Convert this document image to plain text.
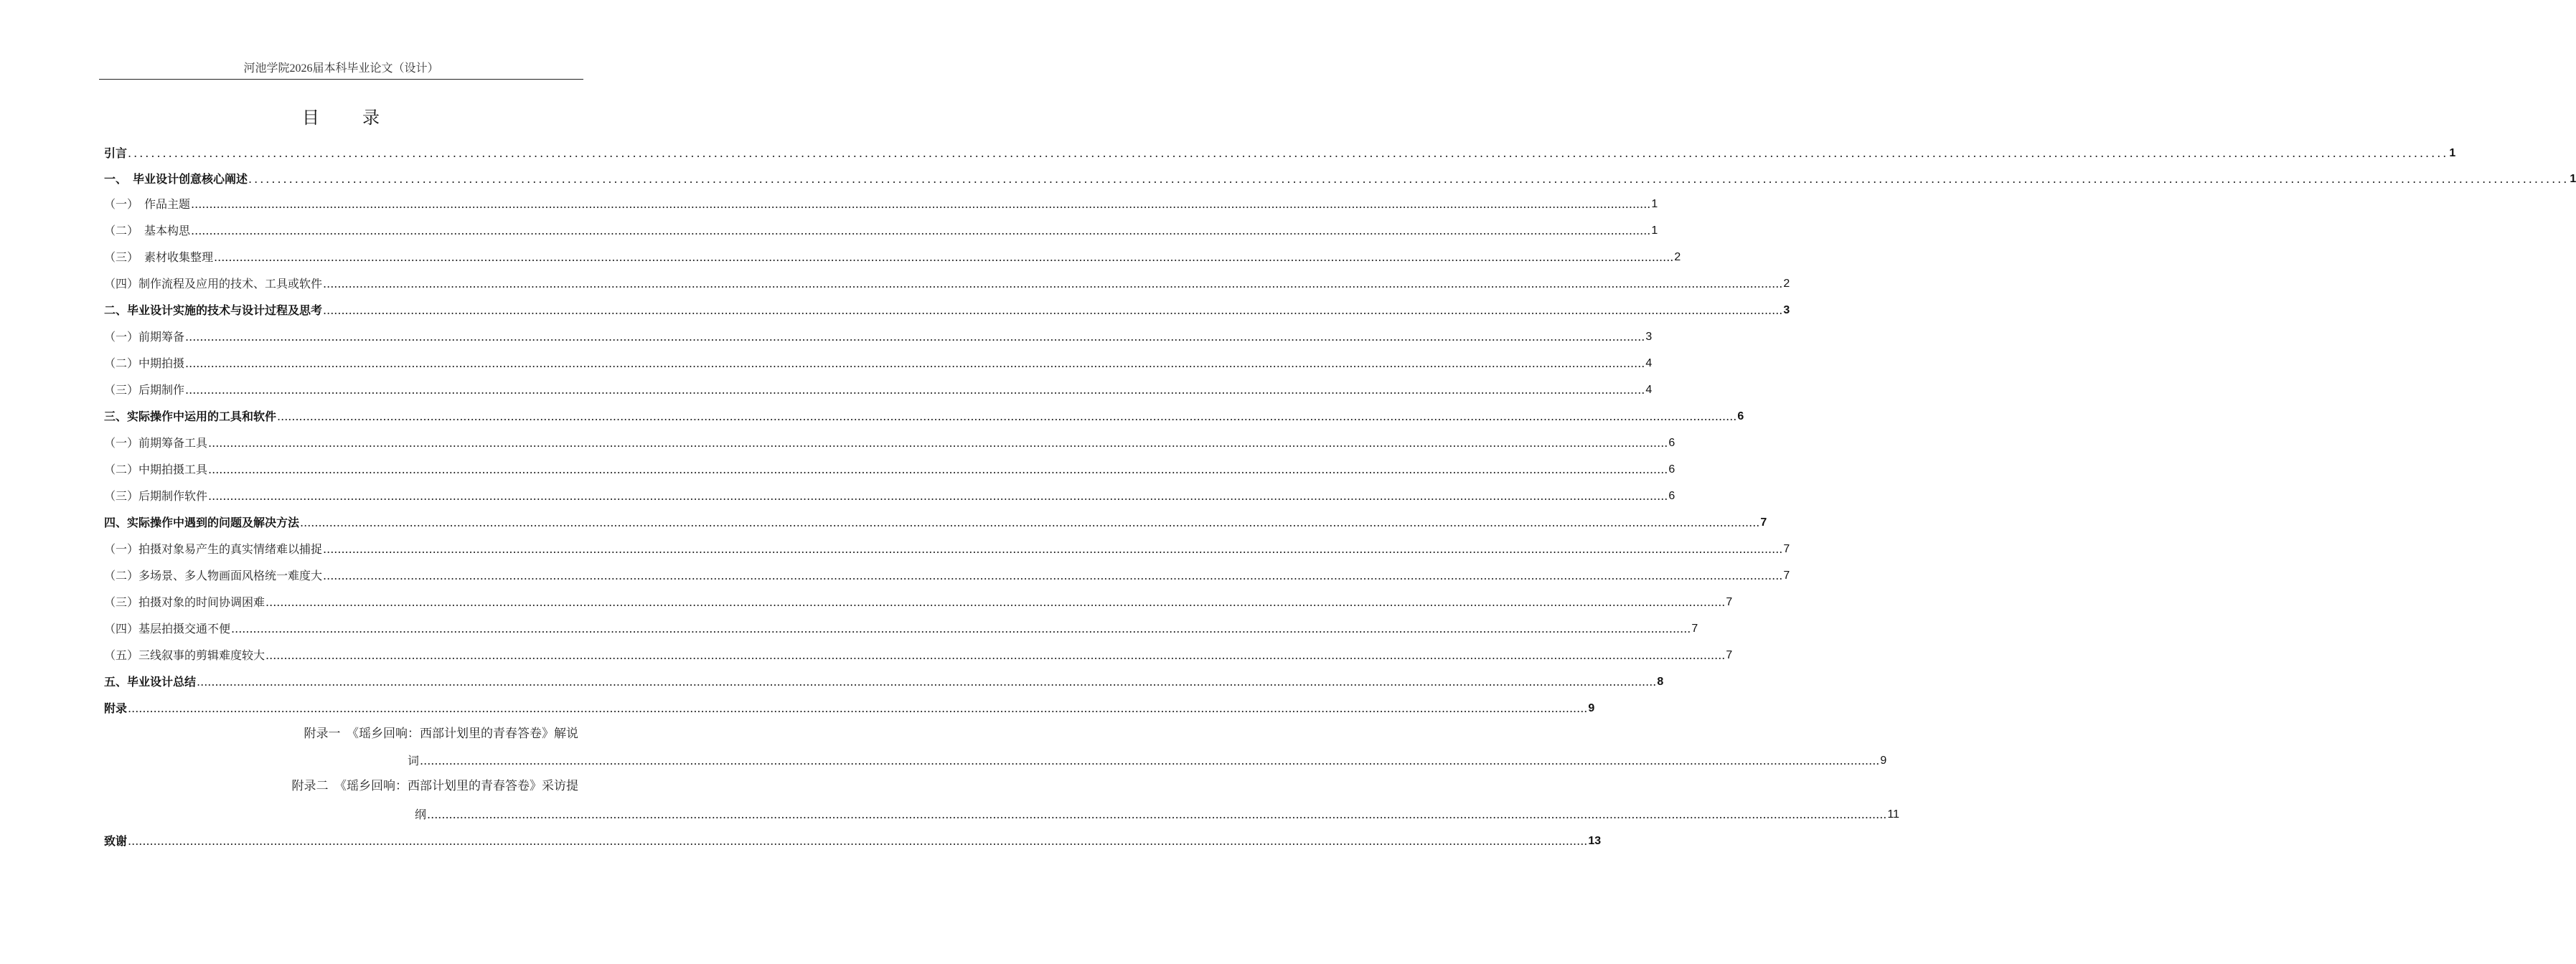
河池学院2026届本科毕业论文（设计）
目　录
引言 ................................................................................................................................................................................................................................................................................................................................................................................................................ 1
一、　毕业设计创意核心阐述 ................................................................................................................................................................................................................................................................................................................................................................................................................ 1
（一）　作品主题 ................................................................................................................................................................................................................................................................................................................................................................................................................ 1
（二）　基本构思 ................................................................................................................................................................................................................................................................................................................................................................................................................ 1
（三）　素材收集整理 ................................................................................................................................................................................................................................................................................................................................................................................................................ 2
（四）制作流程及应用的技术、工具或软件 ................................................................................................................................................................................................................................................................................................................................................................................................................ 2
二、毕业设计实施的技术与设计过程及思考 ................................................................................................................................................................................................................................................................................................................................................................................................................ 3
（一）前期筹备 ................................................................................................................................................................................................................................................................................................................................................................................................................ 3
（二）中期拍摄 ................................................................................................................................................................................................................................................................................................................................................................................................................ 4
（三）后期制作 ................................................................................................................................................................................................................................................................................................................................................................................................................ 4
三、实际操作中运用的工具和软件 ................................................................................................................................................................................................................................................................................................................................................................................................................ 6
（一）前期筹备工具 ................................................................................................................................................................................................................................................................................................................................................................................................................ 6
（二）中期拍摄工具 ................................................................................................................................................................................................................................................................................................................................................................................................................ 6
（三）后期制作软件 ................................................................................................................................................................................................................................................................................................................................................................................................................ 6
四、实际操作中遇到的问题及解决方法 ................................................................................................................................................................................................................................................................................................................................................................................................................ 7
（一）拍摄对象易产生的真实情绪难以捕捉 ................................................................................................................................................................................................................................................................................................................................................................................................................ 7
（二）多场景、多人物画面风格统一难度大 ................................................................................................................................................................................................................................................................................................................................................................................................................ 7
（三）拍摄对象的时间协调困难 ................................................................................................................................................................................................................................................................................................................................................................................................................ 7
（四）基层拍摄交通不便 ................................................................................................................................................................................................................................................................................................................................................................................................................ 7
（五）三线叙事的剪辑难度较大 ................................................................................................................................................................................................................................................................................................................................................................................................................ 7
五、毕业设计总结 ................................................................................................................................................................................................................................................................................................................................................................................................................ 8
附录 ................................................................................................................................................................................................................................................................................................................................................................................................................ 9
附录一　《瑶乡回响：西部计划里的青春答卷》解说
词 ................................................................................................................................................................................................................................................................................................................................................................................................................ 9
附录二　《瑶乡回响：西部计划里的青春答卷》采访提
纲 ................................................................................................................................................................................................................................................................................................................................................................................................................ 11
致谢 ................................................................................................................................................................................................................................................................................................................................................................................................................ 13
